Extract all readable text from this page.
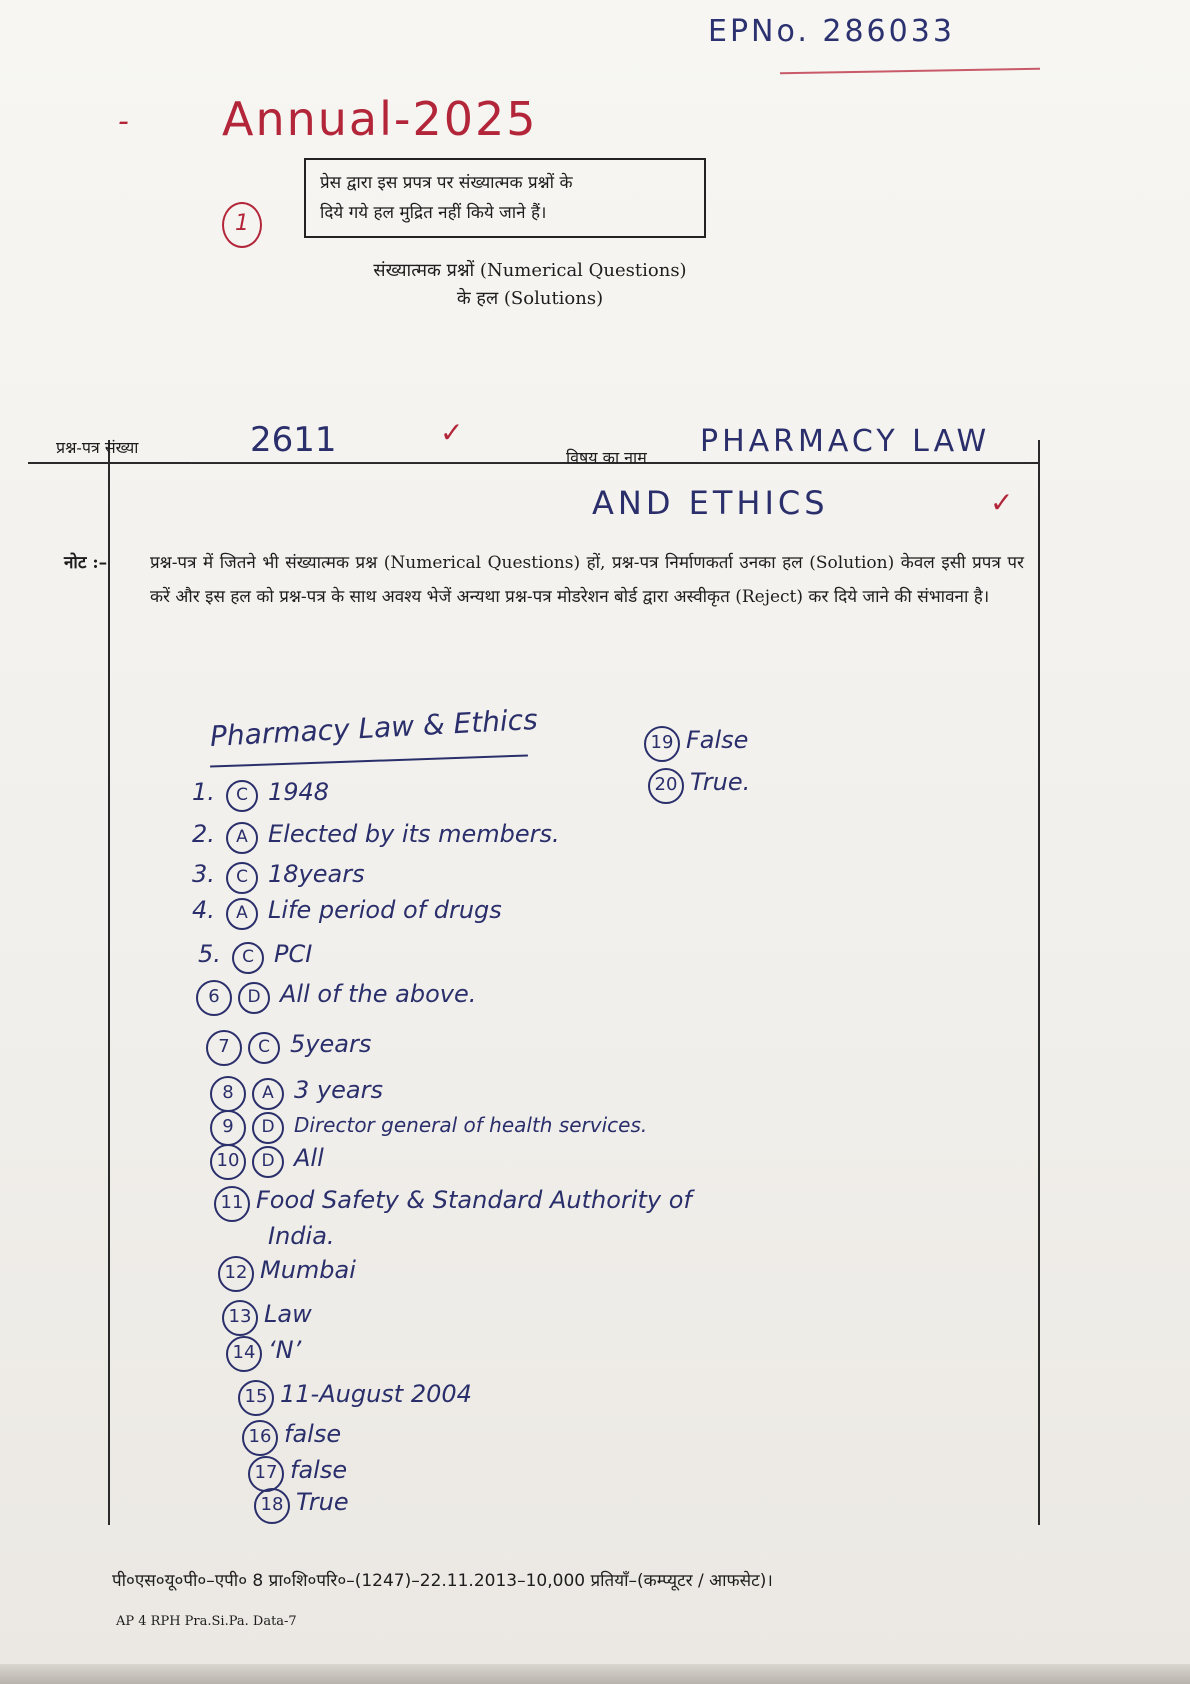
EPNo. 286033
- Annual-2025
1
प्रेस द्वारा इस प्रपत्र पर संख्यात्मक प्रश्नों के
दिये गये हल मुद्रित नहीं किये जाने हैं।
संख्यात्मक प्रश्नों (Numerical Questions)
के हल (Solutions)
प्रश्न-पत्र संख्या	2611	✓
विषय का नाम PHARMACY LAW
AND ETHICS	✓
नोट :–	प्रश्न-पत्र में जितने भी संख्यात्मक प्रश्न (Numerical Questions) हों, प्रश्न-पत्र निर्माणकर्ता उनका हल (Solution) केवल इसी प्रपत्र पर करें और इस हल को प्रश्न-पत्र के साथ अवश्य भेजें अन्यथा प्रश्न-पत्र मोडरेशन बोर्ड द्वारा अस्वीकृत (Reject) कर दिये जाने की संभावना है।
Pharmacy Law & Ethics
1. C 1948
2. A Elected by its members.
3. C 18years
4. A Life period of drugs
5. C PCI
6 D All of the above.
7 C 5years
8 A 3 years
9 D Director general of health services.
10 D All
11 Food Safety & Standard Authority of
India.
12 Mumbai
13 Law
14 ‘N’
15 11-August 2004
16 false
17 false
18 True
19 False
20 True.
पी०एस०यू०पी०–एपी० 8 प्रा०शि०परि०–(1247)–22.11.2013–10,000 प्रतियाँ–(कम्प्यूटर / आफसेट)।
AP 4 RPH Pra.Si.Pa. Data-7
